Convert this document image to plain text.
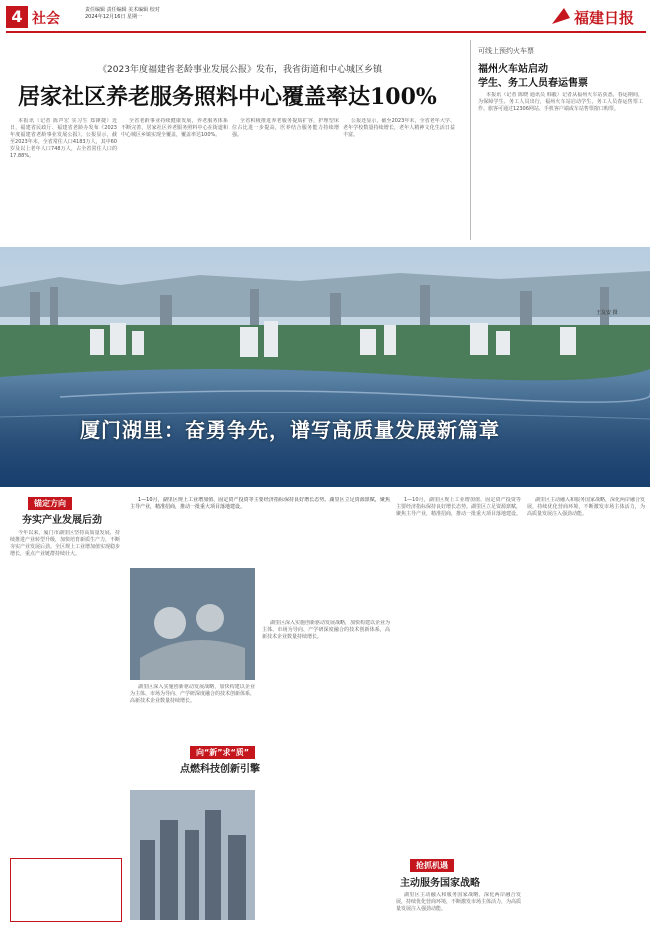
4 社会
责任编辑 责任编辑 美术编辑 校对
2024年12月16日 星期一	福建日报
《2023年度福建省老龄事业发展公报》发布，我省街道和中心城区乡镇
居家社区养老服务照料中心覆盖率达100%

本报讯（记者 陈声宏 实习生 郑锋捷）近日，福建省民政厅、福建省老龄办发布《2023年度福建省老龄事业发展公报》。公报显示，截至2023年末，全省常住人口4183万人，其中60岁及以上老年人口748万人，占全省常住人口的17.88%。

全省老龄事业持续健康发展，养老服务体系不断完善，居家社区养老服务照料中心在街道和中心城区乡镇实现全覆盖，覆盖率达100%。

全省积极推进养老服务提质扩容，护理型床位占比进一步提高，医养结合服务能力持续增强。

公报还显示，截至2023年末，全省老年大学、老年学校数量持续增长，老年人精神文化生活日益丰富。

可线上预约火车票
福州火车站启动
学生、务工人员春运售票

本报讯（记者 陈晓 通讯员 韩毅）记者从福州火车站获悉，春运期间，为保障学生、务工人员出行，福州火车站启动学生、务工人员春运售票工作。旅客可通过12306网站、手机客户端或车站售票窗口购票。

王友安 摄
厦门湖里：奋勇争先，谱写高质量发展新篇章
锚定方向
夯实产业发展后劲

今年以来，厦门市湖里区坚持高质量发展，持续推进产业转型升级，加快培育新质生产力，不断夯实产业发展后劲。全区规上工业增加值实现稳步增长，重点产业链群持续壮大。

1—10月，湖里区规上工业增加值、固定资产投资等主要经济指标保持良好增长态势。湖里区立足资源禀赋，聚焦主导产业，精准招商，推动一批重大项目落地建设。

湖里区深入实施创新驱动发展战略，加快构建以企业为主体、市场为导向、产学研深度融合的技术创新体系，高新技术企业数量持续增长。

向“新”求“质”
点燃科技创新引擎

湖里区深入实施创新驱动发展战略，加快构建以企业为主体、市场为导向、产学研深度融合的技术创新体系，高新技术企业数量持续增长。

1—10月，湖里区规上工业增加值、固定资产投资等主要经济指标保持良好增长态势。湖里区立足资源禀赋，聚焦主导产业，精准招商，推动一批重大项目落地建设。

抢抓机遇
主动服务国家战略

湖里区主动融入和服务国家战略，深化两岸融合发展，持续优化营商环境，不断激发市场主体活力，为高质量发展注入强劲动能。

湖里区主动融入和服务国家战略，深化两岸融合发展，持续优化营商环境，不断激发市场主体活力，为高质量发展注入强劲动能。
